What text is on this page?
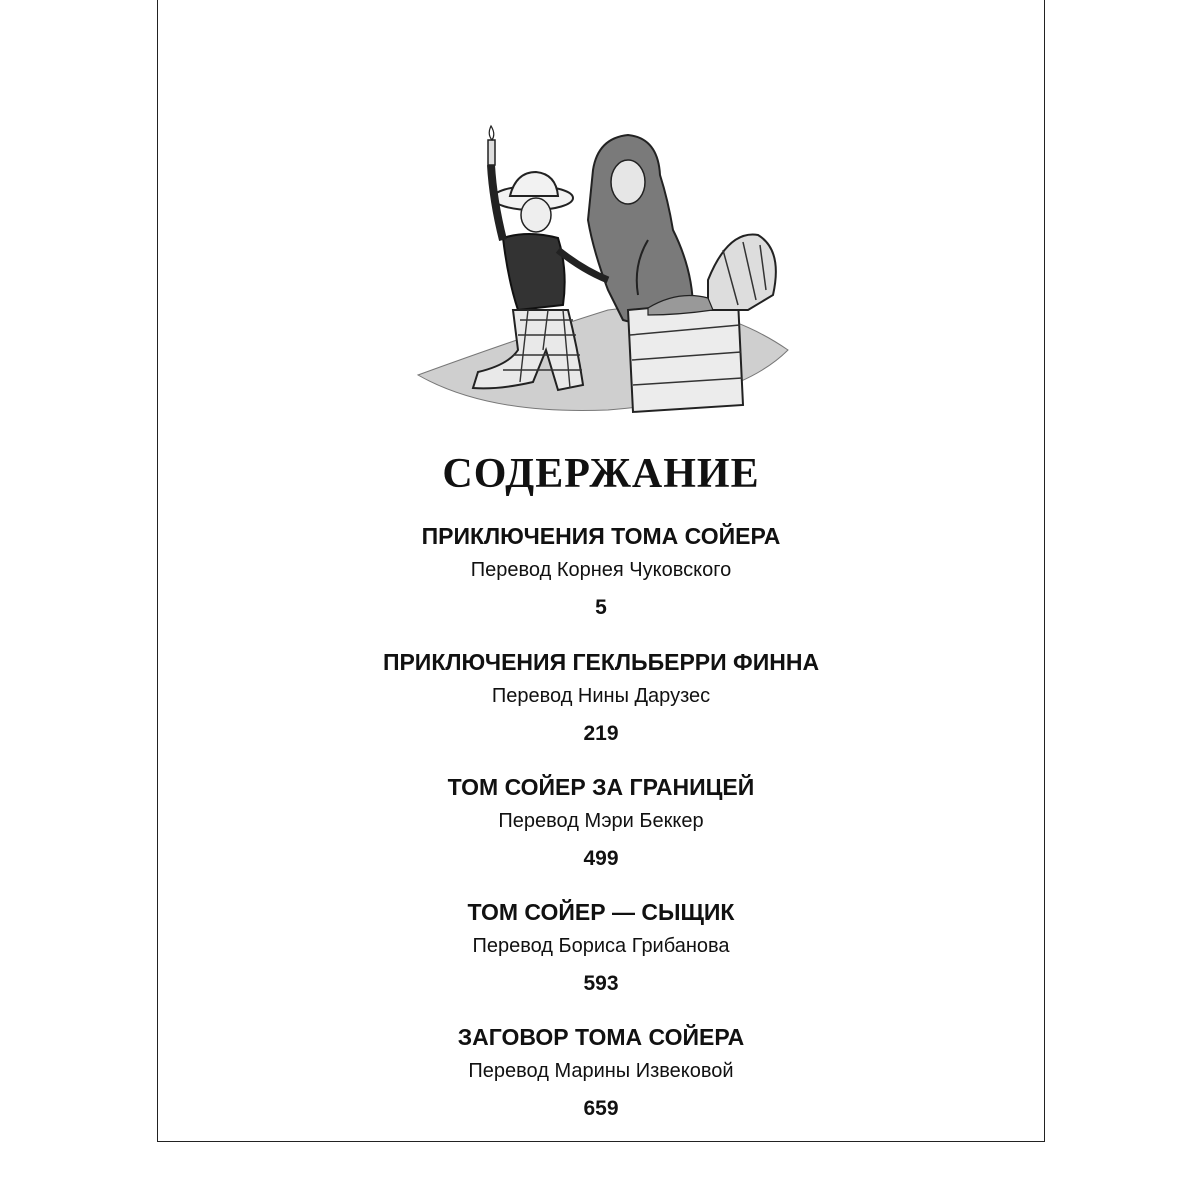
СОДЕРЖАНИЕ
ПРИКЛЮЧЕНИЯ ТОМА СОЙЕРА
Перевод Корнея Чуковского
5
ПРИКЛЮЧЕНИЯ ГЕКЛЬБЕРРИ ФИННА
Перевод Нины Дарузес
219
ТОМ СОЙЕР ЗА ГРАНИЦЕЙ
Перевод Мэри Беккер
499
ТОМ СОЙЕР — СЫЩИК
Перевод Бориса Грибанова
593
ЗАГОВОР ТОМА СОЙЕРА
Перевод Марины Извековой
659
